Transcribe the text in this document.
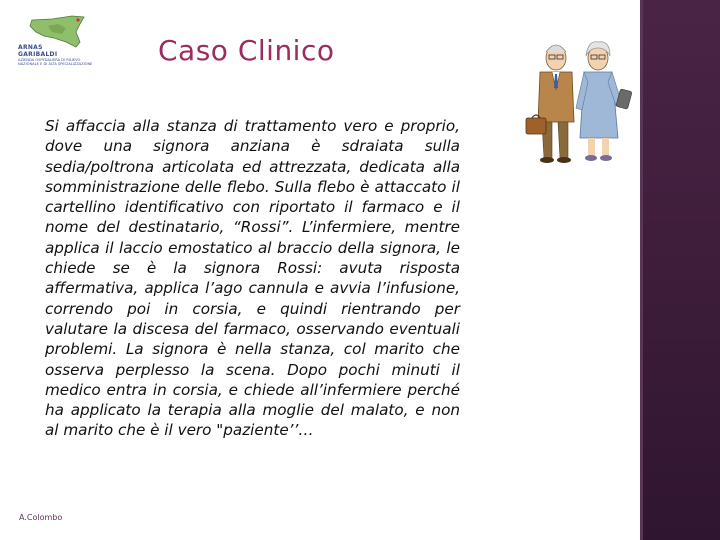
ARNAS
GARIBALDI
AZIENDA OSPEDALIERA DI RILIEVO NAZIONALE E DI ALTA SPECIALIZZAZIONE Caso Clinico
Si affaccia alla stanza di trattamento vero e proprio, dove una signora anziana è sdraiata sulla sedia/poltrona articolata ed attrezzata, dedicata alla somministrazione delle flebo. Sulla flebo è attaccato il cartellino identificativo con riportato il farmaco e il nome del destinatario, “Rossi”. L’infermiere, mentre applica il laccio emostatico al braccio della signora, le chiede se è la signora Rossi: avuta risposta affermativa, applica l’ago cannula e avvia l’infusione, correndo poi in corsia, e quindi rientrando per valutare la discesa del farmaco, osservando eventuali problemi. La signora è nella stanza, col marito che osserva perplesso la scena. Dopo pochi minuti il medico entra in corsia, e chiede all’infermiere perché ha applicato la terapia alla moglie del malato, e non al marito che è il vero "paziente’’…
A.Colombo
